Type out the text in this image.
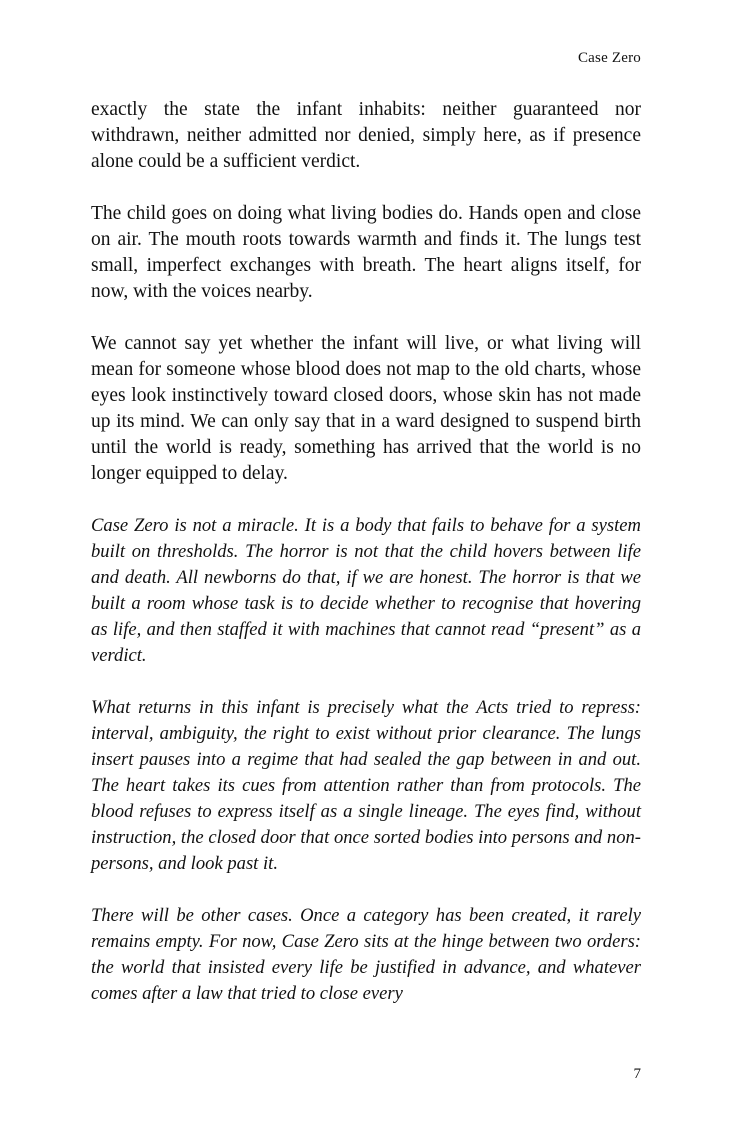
Case Zero

exactly the state the infant inhabits: neither guaranteed nor withdrawn, neither admitted nor denied, simply here, as if presence alone could be a sufficient verdict.

The child goes on doing what living bodies do. Hands open and close on air. The mouth roots towards warmth and finds it. The lungs test small, imperfect exchanges with breath. The heart aligns itself, for now, with the voices nearby.

We cannot say yet whether the infant will live, or what living will mean for someone whose blood does not map to the old charts, whose eyes look instinctively toward closed doors, whose skin has not made up its mind. We can only say that in a ward designed to suspend birth until the world is ready, something has arrived that the world is no longer equipped to delay.

Case Zero is not a miracle. It is a body that fails to behave for a system built on thresholds. The horror is not that the child hovers between life and death. All newborns do that, if we are honest. The horror is that we built a room whose task is to decide whether to recognise that hovering as life, and then staffed it with machines that cannot read “present” as a verdict.

What returns in this infant is precisely what the Acts tried to repress: interval, ambiguity, the right to exist without prior clearance. The lungs insert pauses into a regime that had sealed the gap between in and out. The heart takes its cues from attention rather than from protocols. The blood refuses to express itself as a single lineage. The eyes find, without instruction, the closed door that once sorted bodies into persons and non-persons, and look past it.

There will be other cases. Once a category has been created, it rarely remains empty. For now, Case Zero sits at the hinge between two orders: the world that insisted every life be justified in advance, and whatever comes after a law that tried to close every

7
